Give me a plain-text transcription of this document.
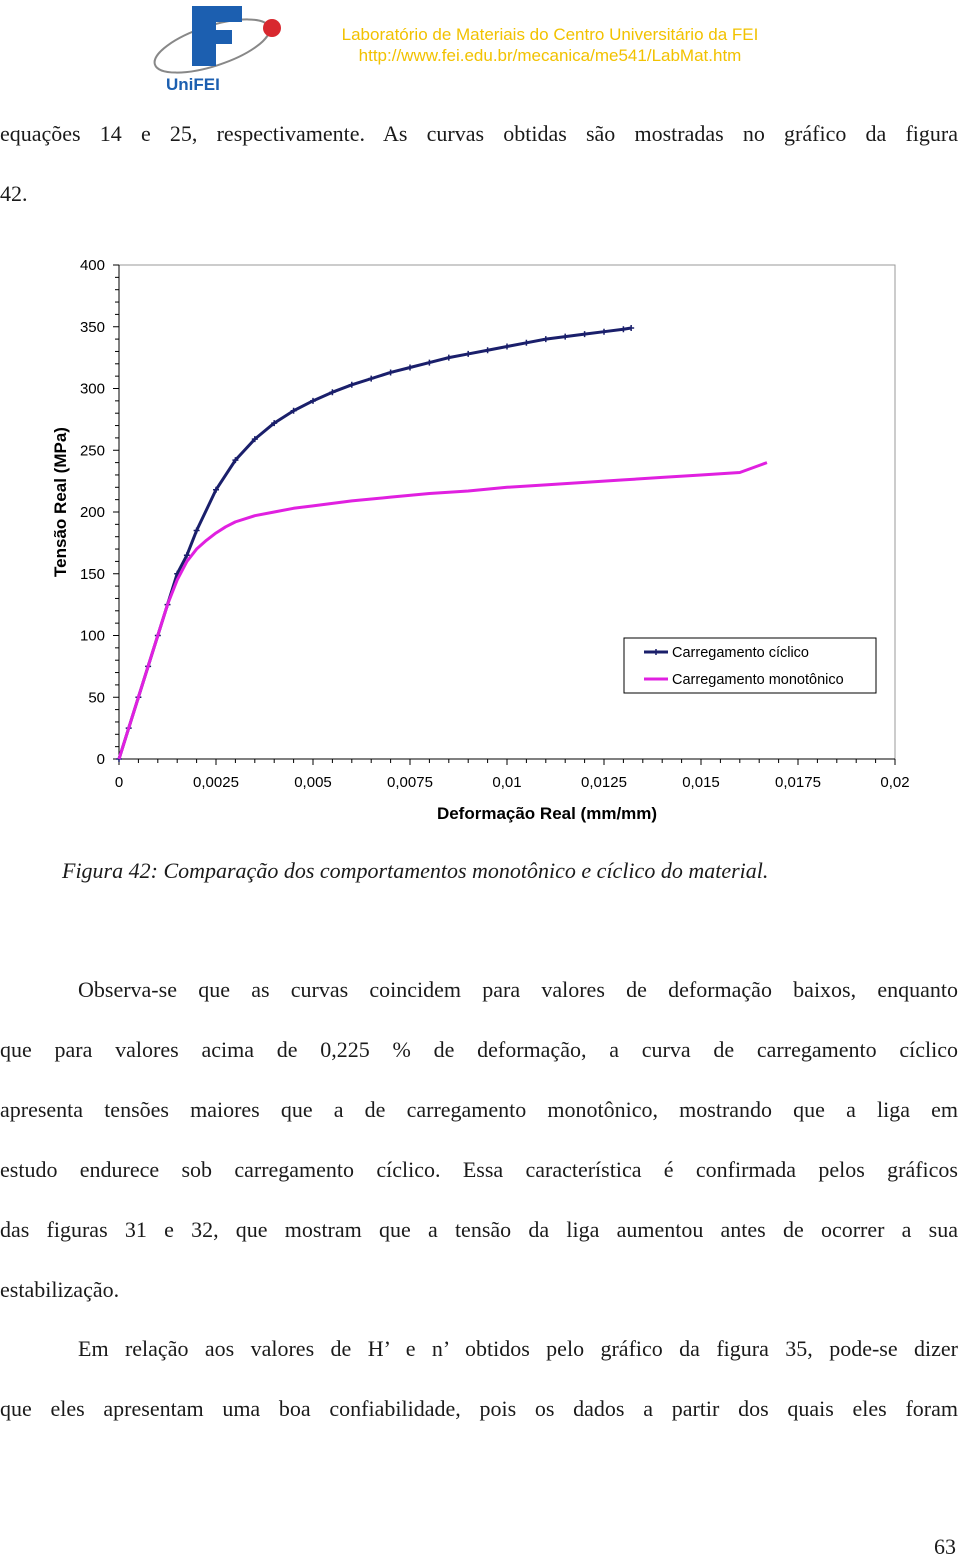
UniFEI
Laboratório de Materiais do Centro Universitário da FEI
http://www.fei.edu.br/mecanica/me541/LabMat.htm
equações 14 e 25, respectivamente. As curvas obtidas são mostradas no gráfico da figura
42.
0	0,0025	0,005	0,0075	0,01	0,0125	0,015	0,0175	0,02
0
50
100
150
200
250
300
350
400
Deformação Real (mm/mm)
Tensão Real (MPa)
Carregamento cíclico
Carregamento monotônico
Figura 42: Comparação dos comportamentos monotônico e cíclico do material.
Observa-se que as curvas coincidem para valores de deformação baixos, enquanto
que para valores acima de 0,225 % de deformação, a curva de carregamento cíclico
apresenta tensões maiores que a de carregamento monotônico, mostrando que a liga em
estudo endurece sob carregamento cíclico. Essa característica é confirmada pelos gráficos
das figuras 31 e 32, que mostram que a tensão da liga aumentou antes de ocorrer a sua
estabilização.
Em relação aos valores de H’ e n’ obtidos pelo gráfico da figura 35, pode-se dizer
que eles apresentam uma boa confiabilidade, pois os dados a partir dos quais eles foram
63
